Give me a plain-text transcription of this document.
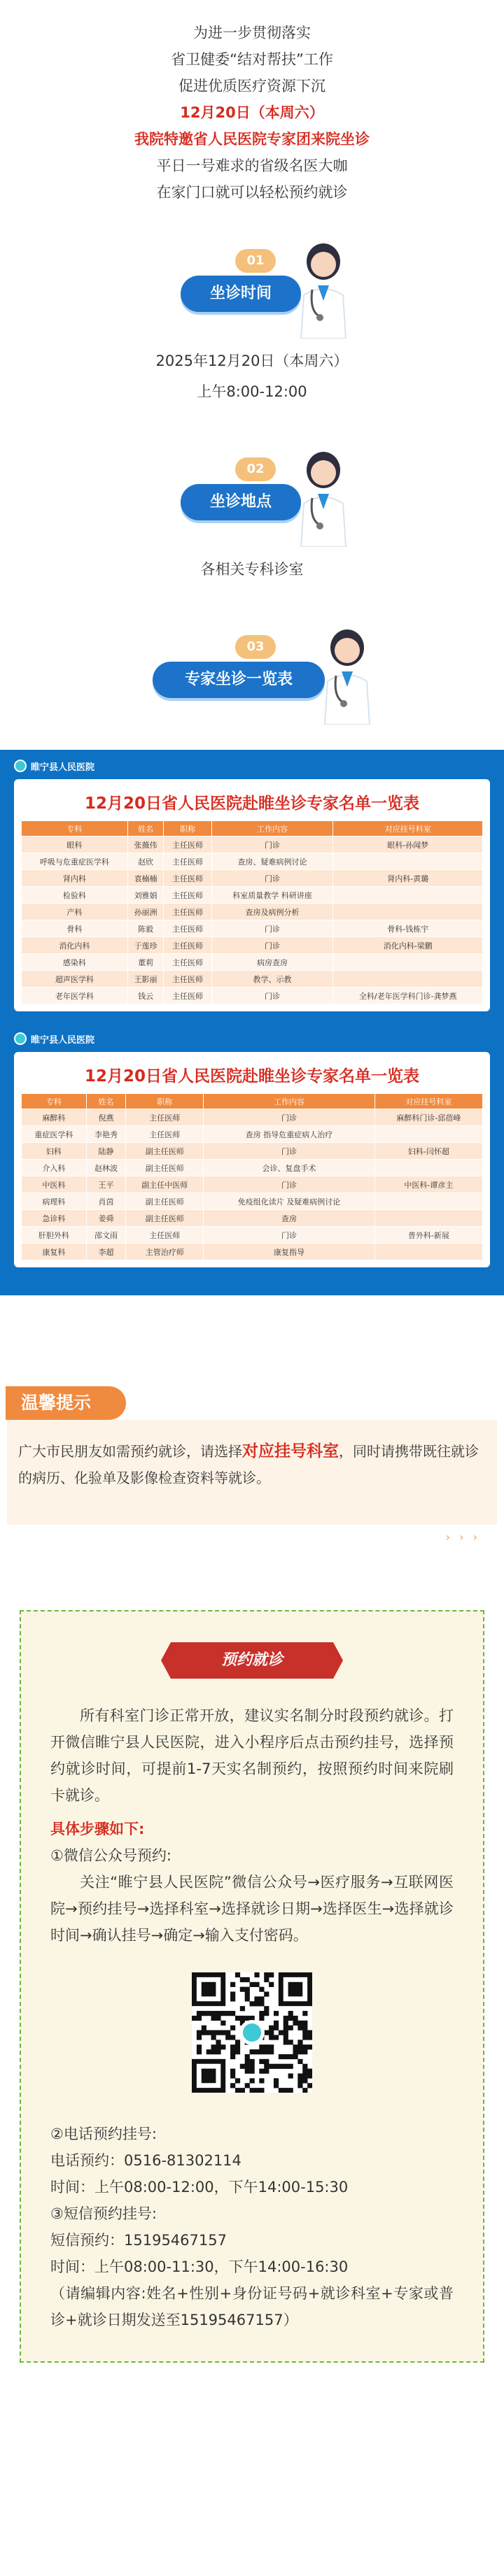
为进一步贯彻落实

省卫健委“结对帮扶”工作

促进优质医疗资源下沉

12月20日（本周六）

我院特邀省人民医院专家团来院坐诊

平日一号难求的省级名医大咖

在家门口就可以轻松预约就诊

01
坐诊时间

2025年12月20日（本周六）

上午8:00-12:00

02
坐诊地点

各相关专科诊室

03
专家坐诊一览表
睢宁县人民医院
12月20日省人民医院赴睢坐诊专家名单一览表
专科	姓名	职称	工作内容	对应挂号科室
眼科	张薇伟	主任医师	门诊	眼科-孙闻梦
呼吸与危重症医学科	赵欣	主任医师	查房、疑难病例讨论	
肾内科	袁楠楠	主任医师	门诊	肾内科-黄璐
检验科	刘雅娟	主任医师	科室质量教学 科研讲座	
产科	孙丽洲	主任医师	查房及病例分析	
骨科	陈毅	主任医师	门诊	骨科-钱栋宇
消化内科	于莲珍	主任医师	门诊	消化内科-梁鹏
感染科	董莉	主任医师	病房查房	
超声医学科	王影丽	主任医师	教学、示教	
老年医学科	钱云	主任医师	门诊	全科/老年医学科门诊-龚梦燕
睢宁县人民医院
12月20日省人民医院赴睢坐诊专家名单一览表
专科	姓名	职称	工作内容	对应挂号科室
麻醉科	倪燕	主任医师	门诊	麻醉科门诊-邱蓓峰
重症医学科	李艳秀	主任医师	查房 指导危重症病人治疗	
妇科	陆静	副主任医师	门诊	妇科-闫怀超
介入科	赵林波	副主任医师	会诊、复盘手术	
中医科	王平	副主任中医师	门诊	中医科-谭彦主
病理科	肖茵	副主任医师	免疫组化读片 及疑难病例讨论	
急诊科	姜舜	副主任医师	查房	
肝胆外科	邵文雨	主任医师	门诊	普外科-新展
康复科	李超	主管治疗师	康复指导	
温馨提示
广大市民朋友如需预约就诊，请选择对应挂号科室，同时请携带既往就诊的病历、化验单及影像检查资料等就诊。
› › ›
预约就诊

所有科室门诊正常开放，建议实名制分时段预约就诊。打开微信睢宁县人民医院，进入小程序后点击预约挂号，选择预约就诊时间，可提前1-7天实名制预约，按照预约时间来院刷卡就诊。

具体步骤如下:

①微信公众号预约:

关注“睢宁县人民医院”微信公众号→医疗服务→互联网医院→预约挂号→选择科室→选择就诊日期→选择医生→选择就诊时间→确认挂号→确定→输入支付密码。

②电话预约挂号:

电话预约：0516-81302114

时间：上午08:00-12:00，下午14:00-15:30

③短信预约挂号:

短信预约：15195467157

时间：上午08:00-11:30，下午14:00-16:30

（请编辑内容:姓名+性别+身份证号码+就诊科室+专家或普诊+就诊日期发送至15195467157）
